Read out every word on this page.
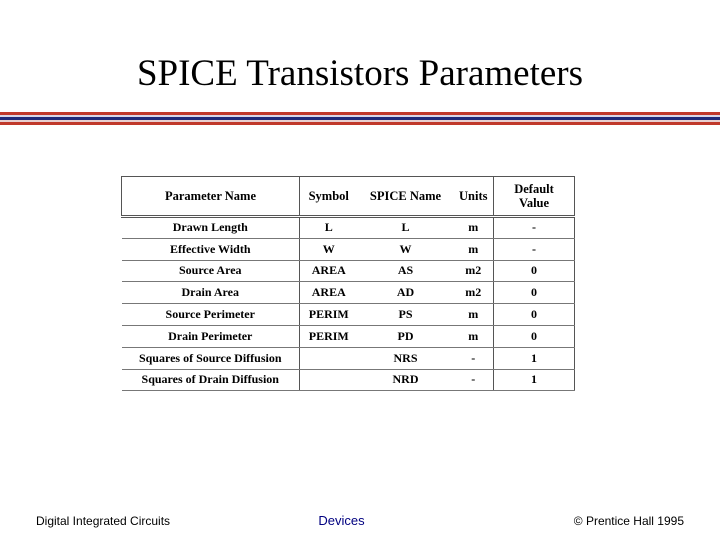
SPICE Transistors Parameters
Parameter Name	Symbol	SPICE Name	Units	Default
Value
Drawn Length	L	L	m	-
Effective Width	W	W	m	-
Source Area	AREA	AS	m2	0
Drain Area	AREA	AD	m2	0
Source Perimeter	PERIM	PS	m	0
Drain Perimeter	PERIM	PD	m	0
Squares of Source Diffusion		NRS	-	1
Squares of Drain Diffusion		NRD	-	1
Digital Integrated Circuits	Devices	© Prentice Hall 1995
